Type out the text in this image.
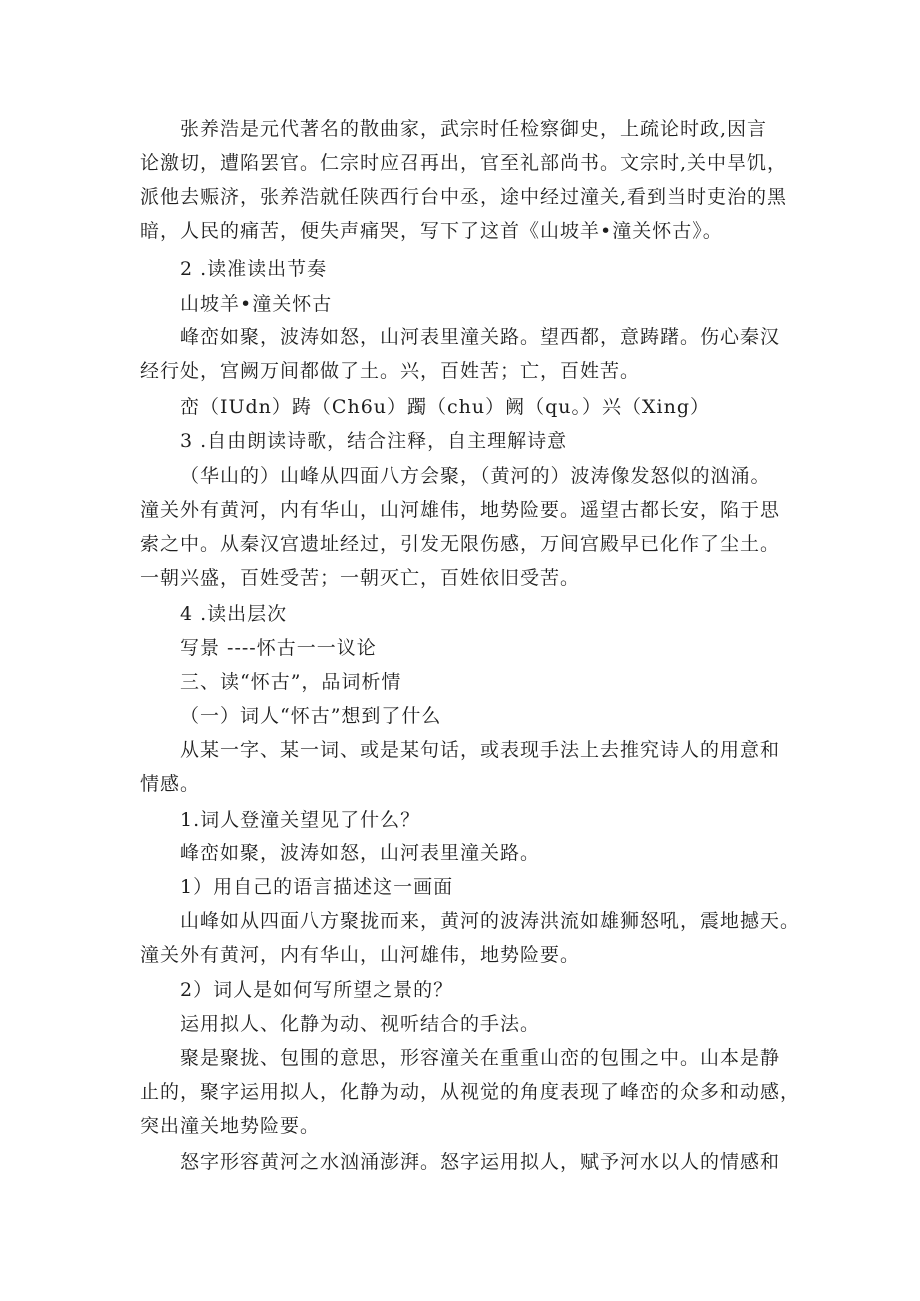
张养浩是元代著名的散曲家，武宗时任检察御史，上疏论时政,因言
论激切，遭陷罢官。仁宗时应召再出，官至礼部尚书。文宗时,关中旱饥，
派他去赈济，张养浩就任陕西行台中丞，途中经过潼关,看到当时吏治的黑
暗，人民的痛苦，便失声痛哭，写下了这首《山坡羊•潼关怀古》。
2 .读准读出节奏
山坡羊•潼关怀古
峰峦如聚，波涛如怒，山河表里潼关路。望西都，意踌躇。伤心秦汉
经行处，宫阙万间都做了土。兴，百姓苦；亡，百姓苦。
峦（IUdn）踌（Ch6u）躅（chu）阙（qu。）兴（Xing）
3 .自由朗读诗歌，结合注释，自主理解诗意
（华山的）山峰从四面八方会聚，（黄河的）波涛像发怒似的汹涌。
潼关外有黄河，内有华山，山河雄伟，地势险要。遥望古都长安，陷于思
索之中。从秦汉宫遗址经过，引发无限伤感，万间宫殿早已化作了尘土。
一朝兴盛，百姓受苦；一朝灭亡，百姓依旧受苦。
4 .读出层次
写景 ----怀古一一议论
三、读“怀古”，品词析情
（一）词人“怀古”想到了什么
从某一字、某一词、或是某句话，或表现手法上去推究诗人的用意和
情感。
1.词人登潼关望见了什么？
峰峦如聚，波涛如怒，山河表里潼关路。
1）用自己的语言描述这一画面
山峰如从四面八方聚拢而来，黄河的波涛洪流如雄狮怒吼，震地撼天。
潼关外有黄河，内有华山，山河雄伟，地势险要。
2）词人是如何写所望之景的？
运用拟人、化静为动、视听结合的手法。
聚是聚拢、包围的意思，形容潼关在重重山峦的包围之中。山本是静
止的，聚字运用拟人，化静为动，从视觉的角度表现了峰峦的众多和动感，
突出潼关地势险要。
怒字形容黄河之水汹涌澎湃。怒字运用拟人，赋予河水以人的情感和
